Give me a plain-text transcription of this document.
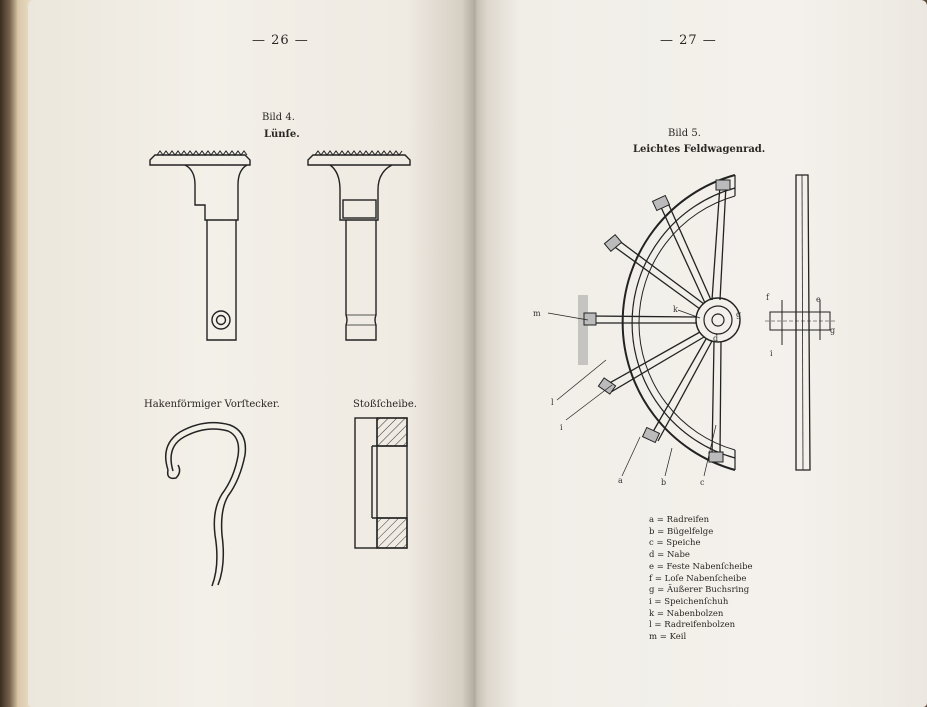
— 26 —
Bild 4.
Lünſe.
Hakenförmiger Vorſtecker.	Stoßſcheibe.
— 27 —
Bild 5.
Leichtes Feldwagenrad.
m
l
i
a	b	c
k
g
d
f	e
g
i
a = Radreifen
b = Bügelfelge
c = Speiche
d = Nabe
e = Feste Nabenſcheibe
f = Loſe Nabenſcheibe
g = Äußerer Buchsring
i = Speichenſchuh
k = Nabenbolzen
l = Radreifenbolzen
m = Keil
